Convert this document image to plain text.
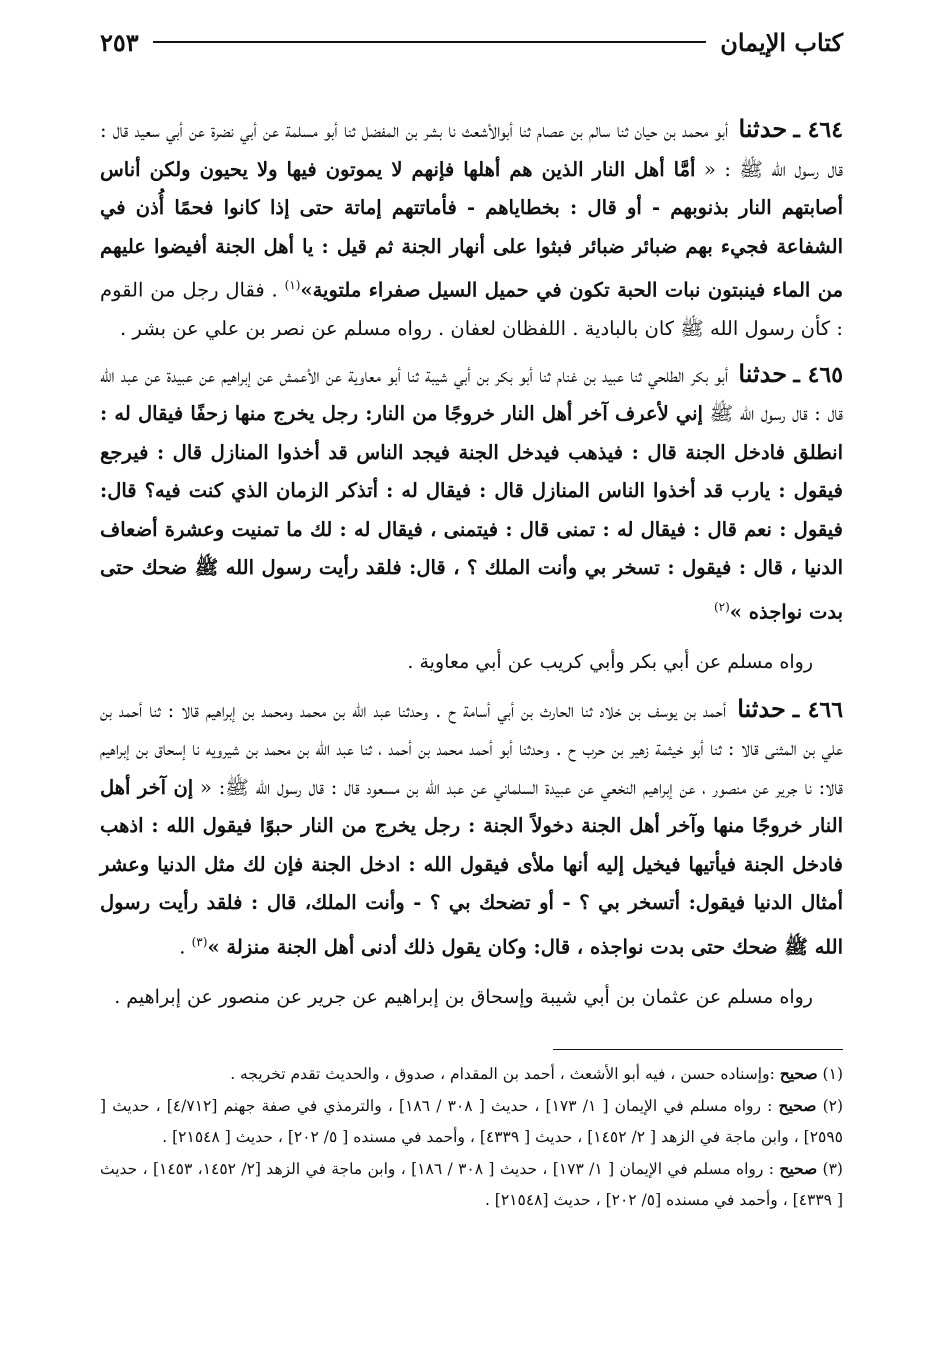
كتاب الإيمان
٢٥٣

٤٦٤ ـ حدثنا أبو محمد بن حيان ثنا سالم بن عصام ثنا أبوالأشعث نا بشر بن المفضل ثنا أبو مسلمة عن أبي نضرة عن أبي سعيد قال : قال رسول الله ﷺ : « أمَّا أهل النار الذين هم أهلها فإنهم لا يموتون فيها ولا يحيون ولكن أناس أصابتهم النار بذنوبهم - أو قال : بخطاياهم - فأماتتهم إماتة حتى إذا كانوا فحمًا أُذن في الشفاعة فجيء بهم ضبائر ضبائر فبثوا على أنهار الجنة ثم قيل : يا أهل الجنة أفيضوا عليهم من الماء فينبتون نبات الحبة تكون في حميل السيل صفراء ملتوية»$^{(١)}$ . فقال رجل من القوم : كأن رسول الله ﷺ كان بالبادية . اللفظان لعفان . رواه مسلم عن نصر بن علي عن بشر .

٤٦٥ ـ حدثنا أبو بكر الطلحي ثنا عبيد بن غنام ثنا أبو بكر بن أبي شيبة ثنا أبو معاوية عن الأعمش عن إبراهيم عن عبيدة عن عبد الله قال : قال رسول الله ﷺ إني لأعرف آخر أهل النار خروجًا من النار: رجل يخرج منها زحفًا فيقال له : انطلق فادخل الجنة قال : فيذهب فيدخل الجنة فيجد الناس قد أخذوا المنازل قال : فيرجع فيقول : يارب قد أخذوا الناس المنازل قال : فيقال له : أتذكر الزمان الذي كنت فيه؟ قال: فيقول : نعم قال : فيقال له : تمنى قال : فيتمنى ، فيقال له : لك ما تمنيت وعشرة أضعاف الدنيا ، قال : فيقول : تسخر بي وأنت الملك ؟ ، قال: فلقد رأيت رسول الله ﷺ ضحك حتى بدت نواجذه »$^{(٢)}$

رواه مسلم عن أبي بكر وأبي كريب عن أبي معاوية .

٤٦٦ ـ حدثنا أحمد بن يوسف بن خلاد ثنا الحارث بن أبي أسامة ح . وحدثنا عبد الله بن محمد ومحمد بن إبراهيم قالا : ثنا أحمد بن علي بن المثنى قالا : ثنا أبو خيثمة زهير بن حرب ح . وحدثنا أبو أحمد محمد بن أحمد ، ثنا عبد الله بن محمد بن شيرويه نا إسحاق بن إبراهيم قالا: نا جرير عن منصور ، عن إبراهيم النخعي عن عبيدة السلماني عن عبد الله بن مسعود قال : قال رسول الله ﷺ: « إن آخر أهل النار خروجًا منها وآخر أهل الجنة دخولاً الجنة : رجل يخرج من النار حبوًا فيقول الله : اذهب فادخل الجنة فيأتيها فيخيل إليه أنها ملأى فيقول الله : ادخل الجنة فإن لك مثل الدنيا وعشر أمثال الدنيا فيقول: أتسخر بي ؟ - أو تضحك بي ؟ - وأنت الملك، قال : فلقد رأيت رسول الله ﷺ ضحك حتى بدت نواجذه ، قال: وكان يقول ذلك أدنى أهل الجنة منزلة »$^{(٣)}$ .

رواه مسلم عن عثمان بن أبي شيبة وإسحاق بن إبراهيم عن جرير عن منصور عن إبراهيم .

(١) صحيح :وإسناده حسن ، فيه أبو الأشعث ، أحمد بن المقدام ، صدوق ، والحديث تقدم تخريجه .

(٢) صحيح : رواه مسلم في الإيمان [ ١/ ١٧٣] ، حديث [ ٣٠٨ / ١٨٦] ، والترمذي في صفة جهنم [٤/٧١٢] ، حديث [ ٢٥٩٥] ، وابن ماجة في الزهد [ ٢/ ١٤٥٢] ، حديث [ ٤٣٣٩] ، وأحمد في مسنده [ ٥/ ٢٠٢] ، حديث [ ٢١٥٤٨] .

(٣) صحيح : رواه مسلم في الإيمان [ ١/ ١٧٣] ، حديث [ ٣٠٨ / ١٨٦] ، وابن ماجة في الزهد [٢/ ١٤٥٢، ١٤٥٣] ، حديث [ ٤٣٣٩] ، وأحمد في مسنده [٥/ ٢٠٢] ، حديث [٢١٥٤٨] .
